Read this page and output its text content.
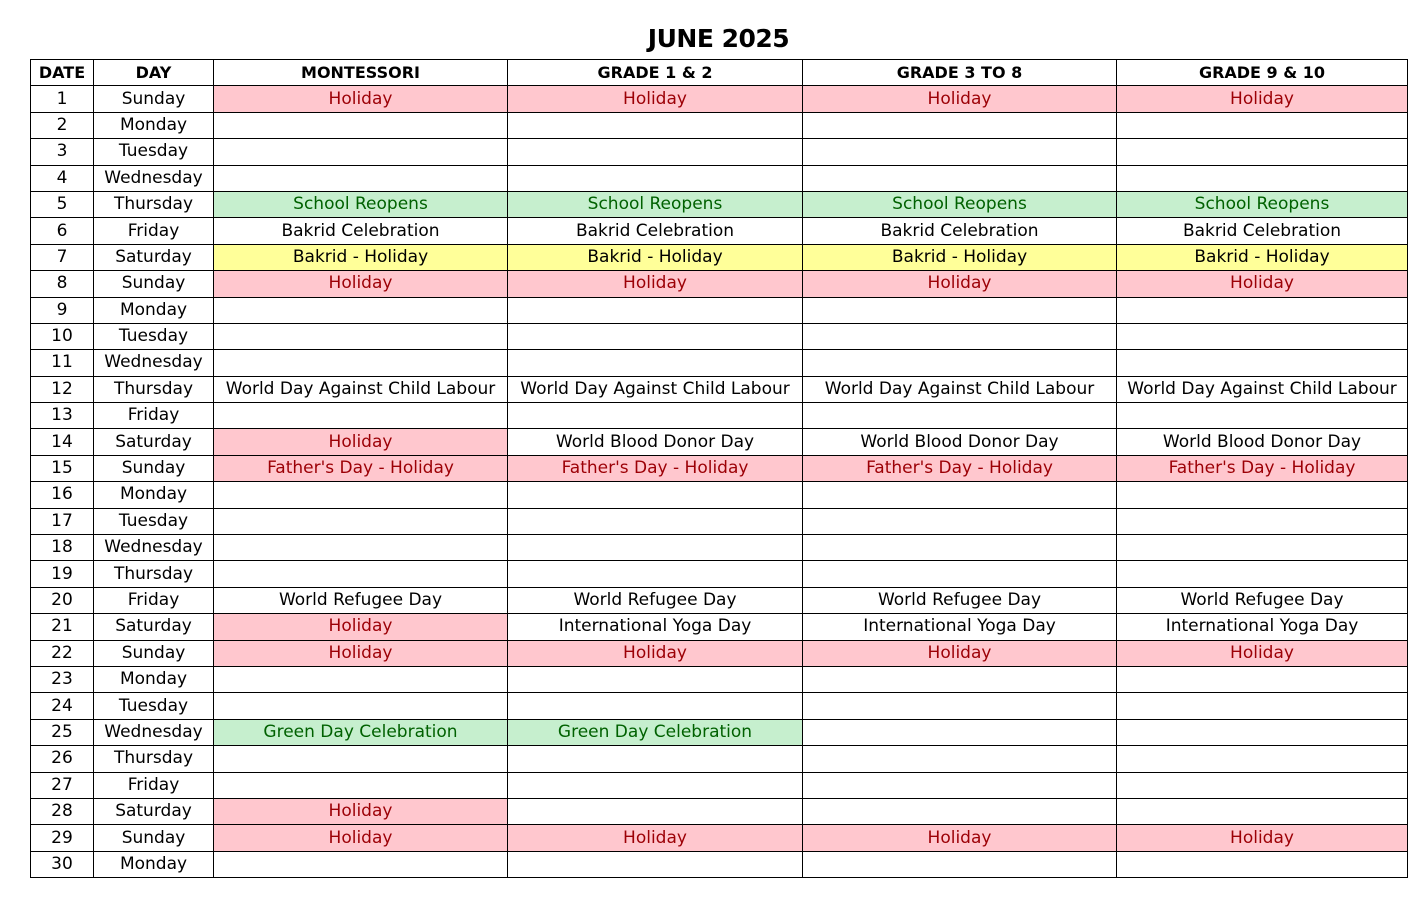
JUNE 2025
DATE	DAY	MONTESSORI	GRADE 1 & 2	GRADE 3 TO 8	GRADE 9 & 10
1	Sunday	Holiday	Holiday	Holiday	Holiday
2	Monday				
3	Tuesday				
4	Wednesday				
5	Thursday	School Reopens	School Reopens	School Reopens	School Reopens
6	Friday	Bakrid Celebration	Bakrid Celebration	Bakrid Celebration	Bakrid Celebration
7	Saturday	Bakrid - Holiday	Bakrid - Holiday	Bakrid - Holiday	Bakrid - Holiday
8	Sunday	Holiday	Holiday	Holiday	Holiday
9	Monday				
10	Tuesday				
11	Wednesday				
12	Thursday	World Day Against Child Labour	World Day Against Child Labour	World Day Against Child Labour	World Day Against Child Labour
13	Friday				
14	Saturday	Holiday	World Blood Donor Day	World Blood Donor Day	World Blood Donor Day
15	Sunday	Father's Day - Holiday	Father's Day - Holiday	Father's Day - Holiday	Father's Day - Holiday
16	Monday				
17	Tuesday				
18	Wednesday				
19	Thursday				
20	Friday	World Refugee Day	World Refugee Day	World Refugee Day	World Refugee Day
21	Saturday	Holiday	International Yoga Day	International Yoga Day	International Yoga Day
22	Sunday	Holiday	Holiday	Holiday	Holiday
23	Monday				
24	Tuesday				
25	Wednesday	Green Day Celebration	Green Day Celebration		
26	Thursday				
27	Friday				
28	Saturday	Holiday			
29	Sunday	Holiday	Holiday	Holiday	Holiday
30	Monday				
